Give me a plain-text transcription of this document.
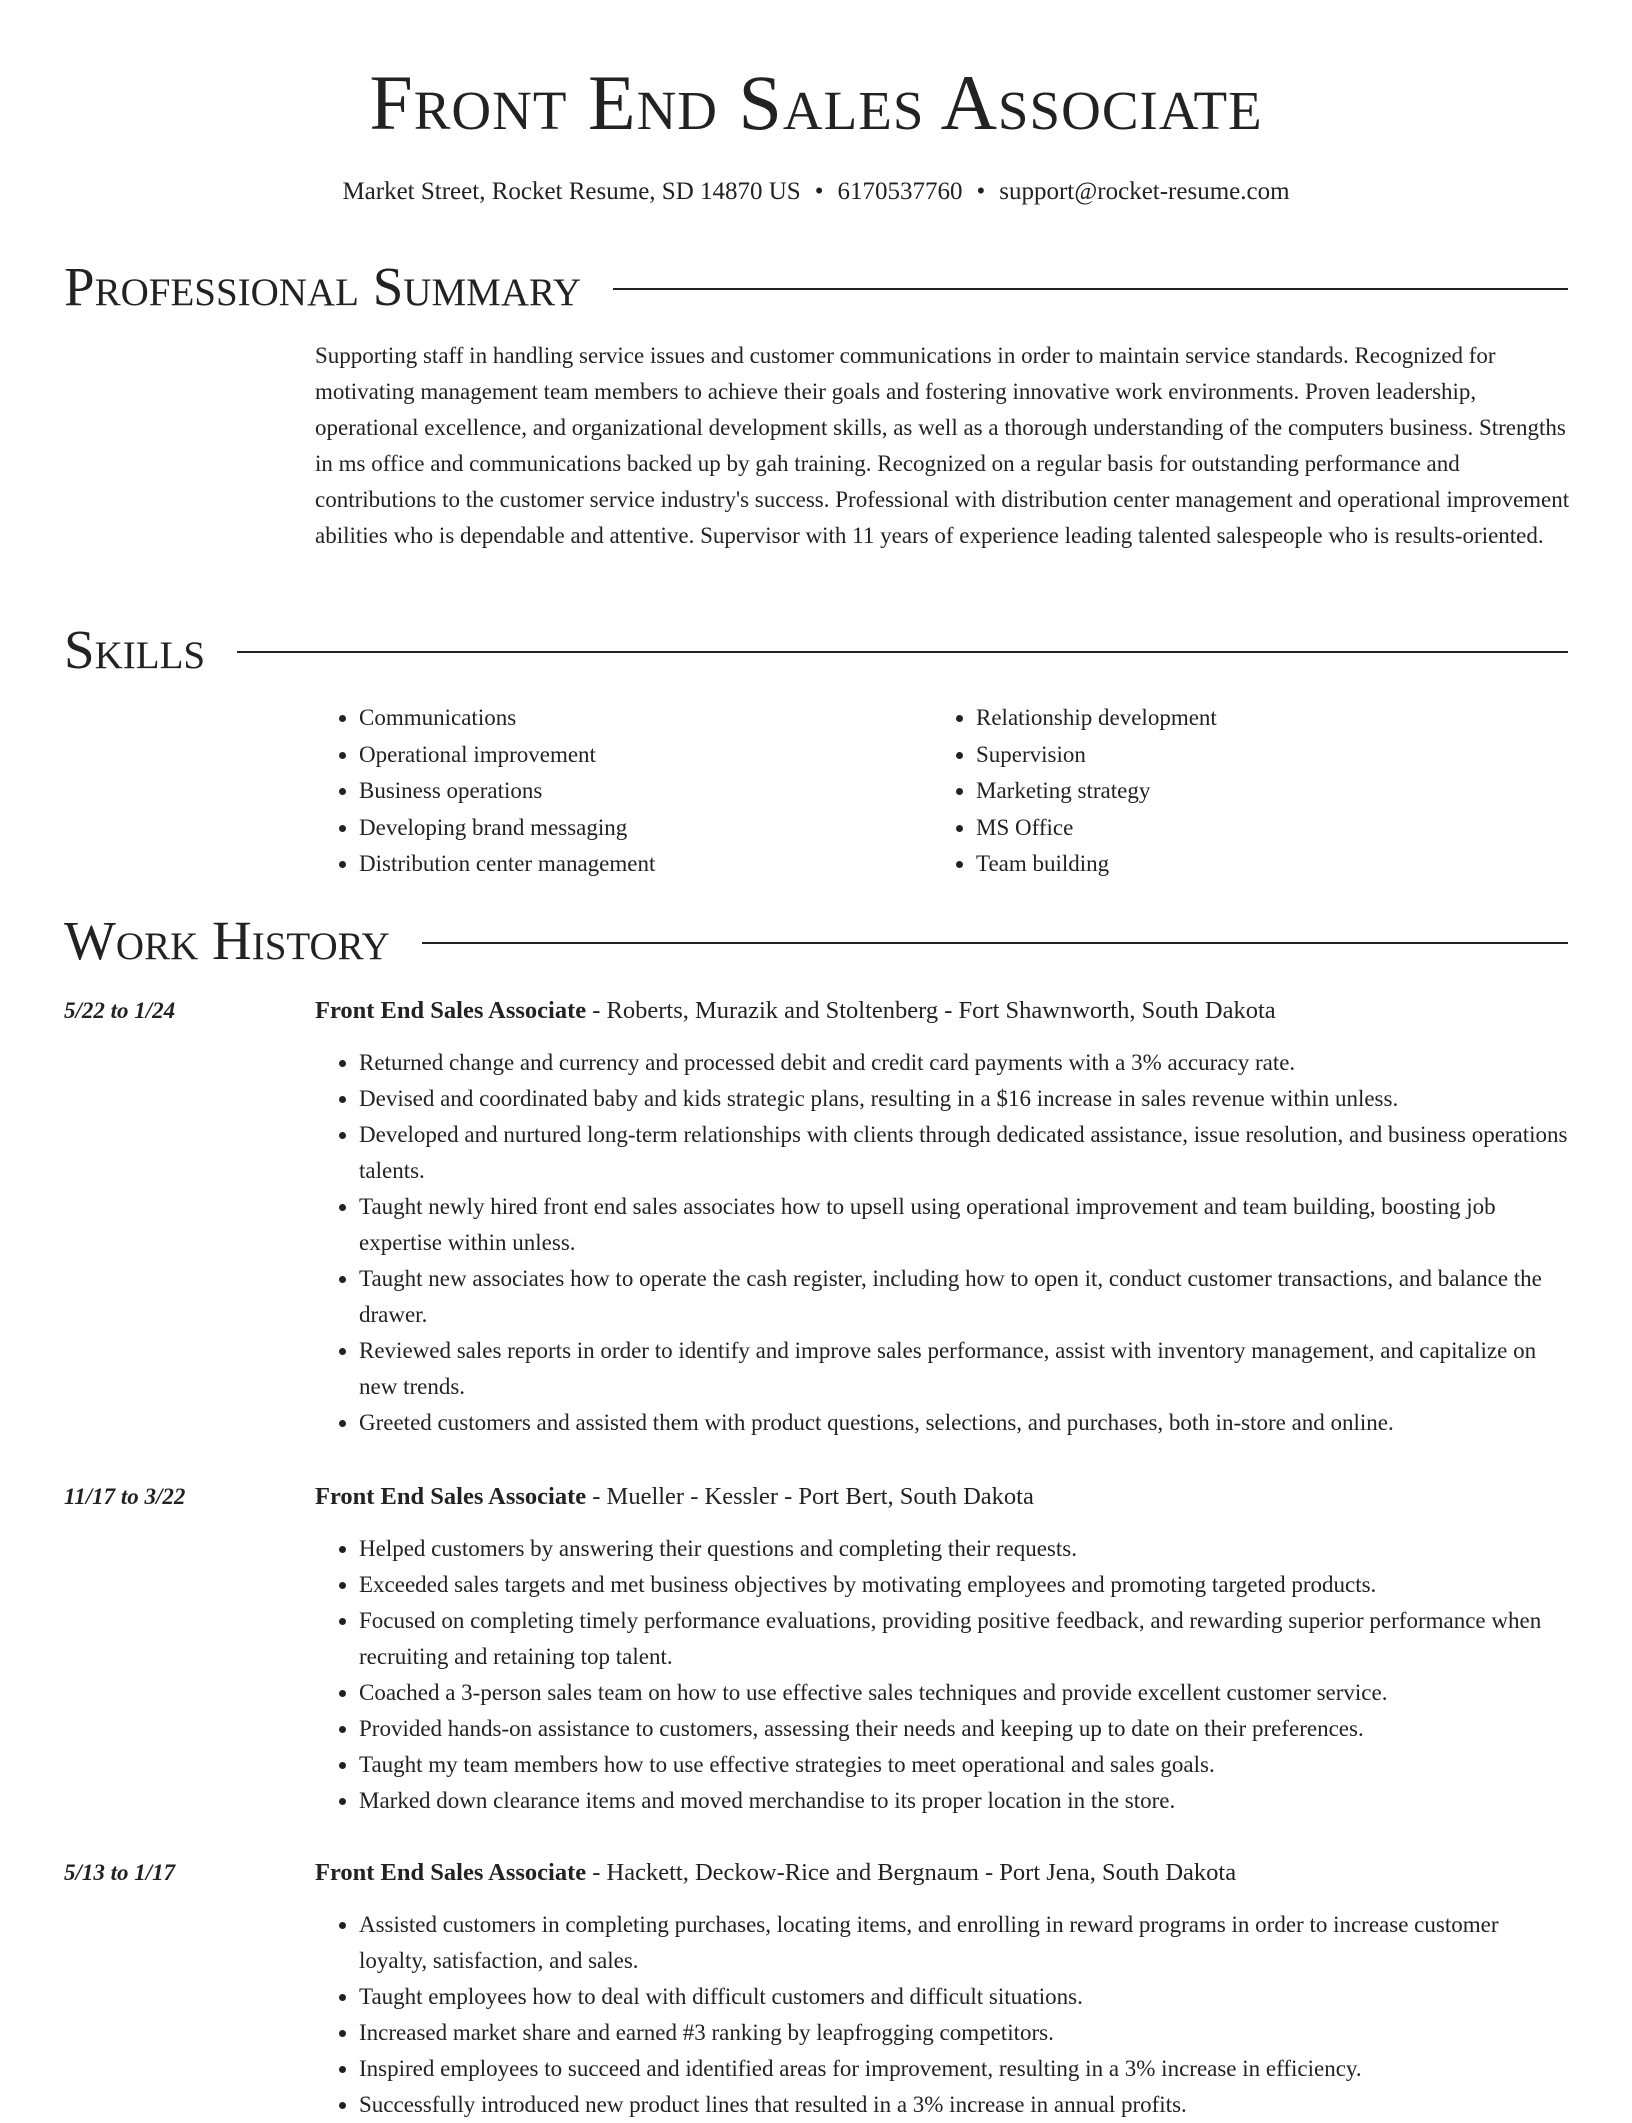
Front End Sales Associate
Market Street, Rocket Resume, SD 14870 US • 6170537760 • support@rocket-resume.com
Professional Summary

Supporting staff in handling service issues and customer communications in order to maintain service standards. Recognized for motivating management team members to achieve their goals and fostering innovative work environments. Proven leadership, operational excellence, and organizational development skills, as well as a thorough understanding of the computers business. Strengths in ms office and communications backed up by gah training. Recognized on a regular basis for outstanding performance and contributions to the customer service industry's success. Professional with distribution center management and operational improvement abilities who is dependable and attentive. Supervisor with 11 years of experience leading talented salespeople who is results-oriented.

Skills
• Communications
• Operational improvement
• Business operations
• Developing brand messaging
• Distribution center management
• Relationship development
• Supervision
• Marketing strategy
• MS Office
• Team building
Work History
5/22 to 1/24	Front End Sales Associate - Roberts, Murazik and Stoltenberg - Fort Shawnworth, South Dakota
• Returned change and currency and processed debit and credit card payments with a 3% accuracy rate.
• Devised and coordinated baby and kids strategic plans, resulting in a $16 increase in sales revenue within unless.
• Developed and nurtured long-term relationships with clients through dedicated assistance, issue resolution, and business operations talents.
• Taught newly hired front end sales associates how to upsell using operational improvement and team building, boosting job expertise within unless.
• Taught new associates how to operate the cash register, including how to open it, conduct customer transactions, and balance the drawer.
• Reviewed sales reports in order to identify and improve sales performance, assist with inventory management, and capitalize on new trends.
• Greeted customers and assisted them with product questions, selections, and purchases, both in-store and online.
11/17 to 3/22	Front End Sales Associate - Mueller - Kessler - Port Bert, South Dakota
• Helped customers by answering their questions and completing their requests.
• Exceeded sales targets and met business objectives by motivating employees and promoting targeted products.
• Focused on completing timely performance evaluations, providing positive feedback, and rewarding superior performance when recruiting and retaining top talent.
• Coached a 3-person sales team on how to use effective sales techniques and provide excellent customer service.
• Provided hands-on assistance to customers, assessing their needs and keeping up to date on their preferences.
• Taught my team members how to use effective strategies to meet operational and sales goals.
• Marked down clearance items and moved merchandise to its proper location in the store.
5/13 to 1/17	Front End Sales Associate - Hackett, Deckow-Rice and Bergnaum - Port Jena, South Dakota
• Assisted customers in completing purchases, locating items, and enrolling in reward programs in order to increase customer loyalty, satisfaction, and sales.
• Taught employees how to deal with difficult customers and difficult situations.
• Increased market share and earned #3 ranking by leapfrogging competitors.
• Inspired employees to succeed and identified areas for improvement, resulting in a 3% increase in efficiency.
• Successfully introduced new product lines that resulted in a 3% increase in annual profits.
